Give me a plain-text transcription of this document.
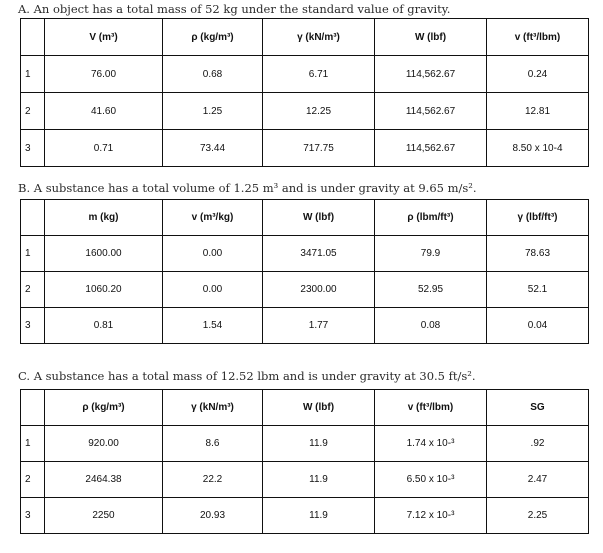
A. An object has a total mass of 52 kg under the standard value of gravity.
	V (m³)	ρ (kg/m³)	γ (kN/m³)	W (lbf)	v (ft³/lbm)
1	76.00	0.68	6.71	114,562.67	0.24
2	41.60	1.25	12.25	114,562.67	12.81
3	0.71	73.44	717.75	114,562.67	8.50 x 10-4
B. A substance has a total volume of 1.25 m³ and is under gravity at 9.65 m/s².
	m (kg)	v (m³/kg)	W (lbf)	ρ (lbm/ft³)	γ (lbf/ft³)
1	1600.00	0.00	3471.05	79.9	78.63
2	1060.20	0.00	2300.00	52.95	52.1
3	0.81	1.54	1.77	0.08	0.04
C. A substance has a total mass of 12.52 lbm and is under gravity at 30.5 ft/s².
	ρ (kg/m³)	γ (kN/m³)	W (lbf)	v (ft³/lbm)	SG
1	920.00	8.6	11.9	1.74 x 10-³	.92
2	2464.38	22.2	11.9	6.50 x 10-³	2.47
3	2250	20.93	11.9	7.12 x 10-³	2.25
